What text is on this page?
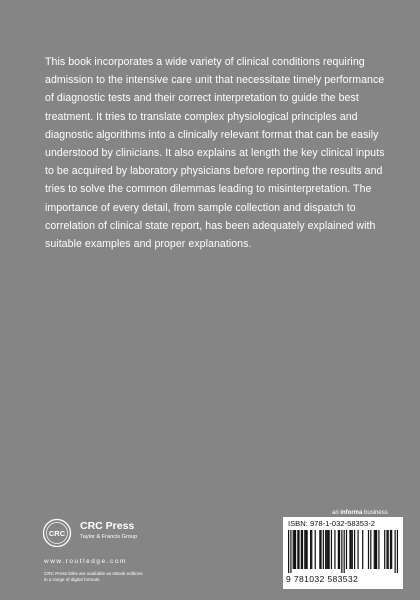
This book incorporates a wide variety of clinical conditions requiring admission to the intensive care unit that necessitate timely performance of diagnostic tests and their correct interpretation to guide the best treatment. It tries to translate complex physiological principles and diagnostic algorithms into a clinically relevant format that can be easily understood by clinicians. It also explains at length the key clinical inputs to be acquired by laboratory physicians before reporting the results and tries to solve the common dilemmas leading to misinterpretation. The importance of every detail, from sample collection and dispatch to correlation of clinical state report, has been adequately explained with suitable examples and proper explanations.

CRC
CRC Press
Taylor & Francis Group
www.routledge.com
CRC Press titles are available as eBook editions
in a range of digital formats
an informa business
ISBN: 978-1-032-58353-2
9 781032 583532
